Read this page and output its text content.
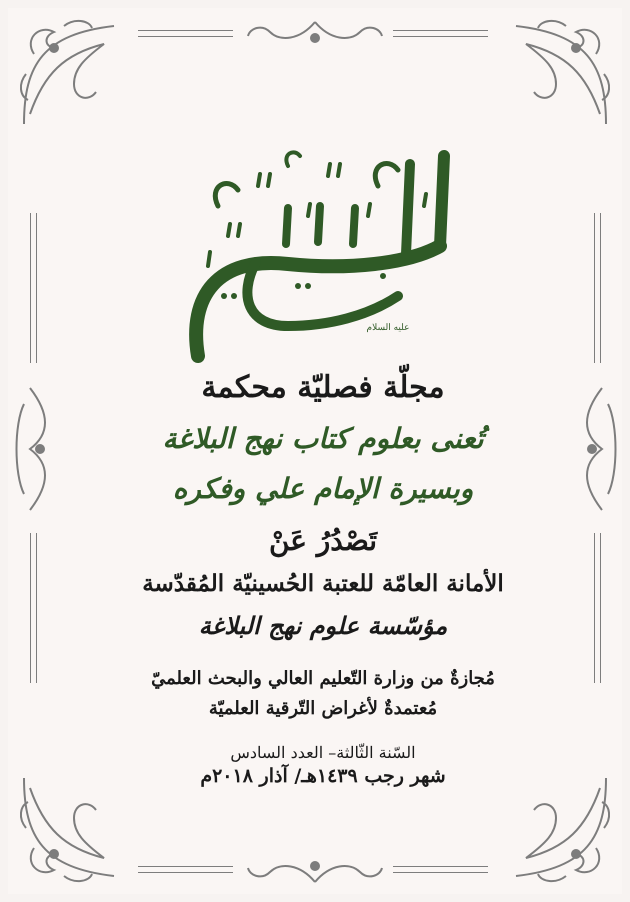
عليه السلام
مجلّة فصليّة محكمة
تُعنى بعلوم كتاب نهج البلاغة
وبسيرة الإمام علي وفكره
تَصْدُرُ عَنْ
الأمانة العامّة للعتبة الحُسينيّة المُقدّسة
مؤسّسة علوم نهج البلاغة
مُجازةٌ من وزارة التّعليم العالي والبحث العلميّ
مُعتمدةٌ لأغراض التّرقية العلميّة
السّنة الثّالثة– العدد السادس
شهر رجب ١٤٣٩هـ/ آذار ٢٠١٨م
